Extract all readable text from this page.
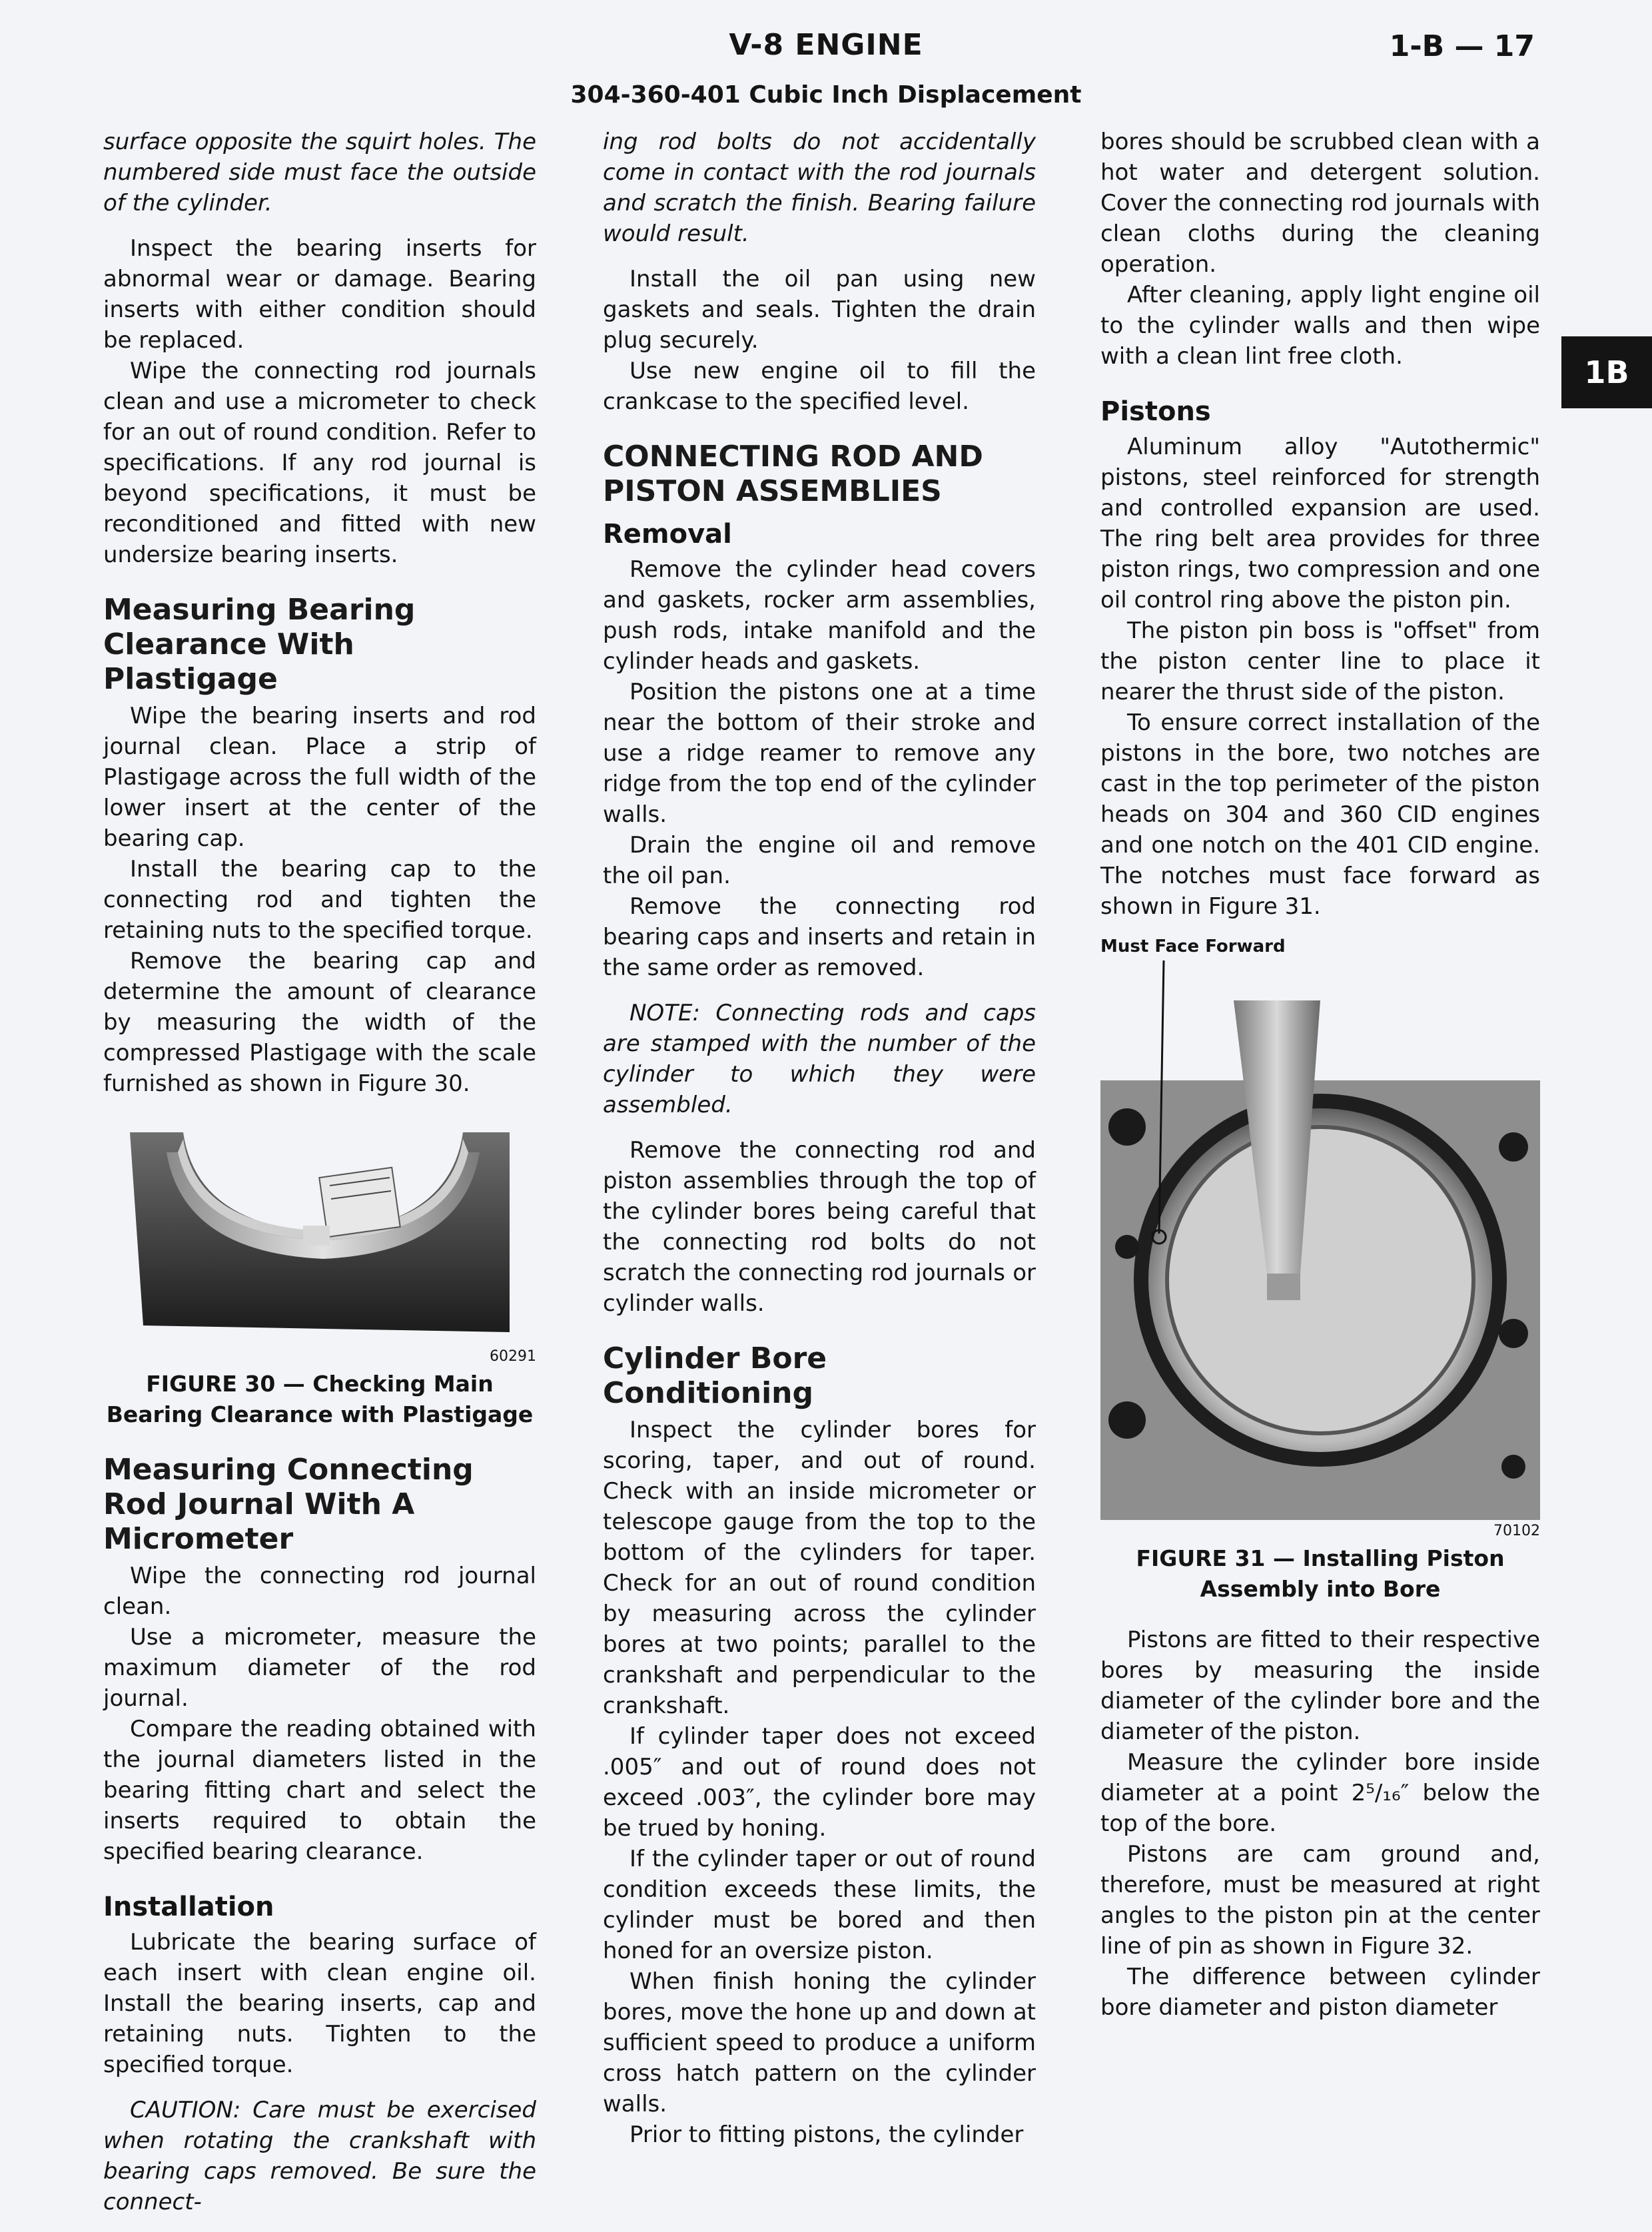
V-8 ENGINE
304-360-401 Cubic Inch Displacement
1-B — 17
1B

surface opposite the squirt holes. The numbered side must face the outside of the cylinder.

Inspect the bearing inserts for abnormal wear or damage. Bearing inserts with either condition should be replaced.

Wipe the connecting rod journals clean and use a micrometer to check for an out of round condition. Refer to specifications. If any rod journal is beyond specifications, it must be reconditioned and fitted with new undersize bearing inserts.

Measuring Bearing Clearance With Plastigage

Wipe the bearing inserts and rod journal clean. Place a strip of Plastigage across the full width of the lower insert at the center of the bearing cap.

Install the bearing cap to the connecting rod and tighten the retaining nuts to the specified torque.

Remove the bearing cap and determine the amount of clearance by measuring the width of the compressed Plastigage with the scale furnished as shown in Figure 30.

60291
FIGURE 30 — Checking Main Bearing Clearance with Plastigage
Measuring Connecting Rod Journal With A Micrometer

Wipe the connecting rod journal clean.

Use a micrometer, measure the maximum diameter of the rod journal.

Compare the reading obtained with the journal diameters listed in the bearing fitting chart and select the inserts required to obtain the specified bearing clearance.

Installation

Lubricate the bearing surface of each insert with clean engine oil. Install the bearing inserts, cap and retaining nuts. Tighten to the specified torque.

CAUTION: Care must be exercised when rotating the crankshaft with bearing caps removed. Be sure the connect-

ing rod bolts do not accidentally come in contact with the rod journals and scratch the finish. Bearing failure would result.

Install the oil pan using new gaskets and seals. Tighten the drain plug securely.

Use new engine oil to fill the crankcase to the specified level.

CONNECTING ROD AND PISTON ASSEMBLIES
Removal

Remove the cylinder head covers and gaskets, rocker arm assemblies, push rods, intake manifold and the cylinder heads and gaskets.

Position the pistons one at a time near the bottom of their stroke and use a ridge reamer to remove any ridge from the top end of the cylinder walls.

Drain the engine oil and remove the oil pan.

Remove the connecting rod bearing caps and inserts and retain in the same order as removed.

NOTE: Connecting rods and caps are stamped with the number of the cylinder to which they were assembled.

Remove the connecting rod and piston assemblies through the top of the cylinder bores being careful that the connecting rod bolts do not scratch the connecting rod journals or cylinder walls.

Cylinder Bore Conditioning

Inspect the cylinder bores for scoring, taper, and out of round. Check with an inside micrometer or telescope gauge from the top to the bottom of the cylinders for taper. Check for an out of round condition by measuring across the cylinder bores at two points; parallel to the crankshaft and perpendicular to the crankshaft.

If cylinder taper does not exceed .005″ and out of round does not exceed .003″, the cylinder bore may be trued by honing.

If the cylinder taper or out of round condition exceeds these limits, the cylinder must be bored and then honed for an oversize piston.

When finish honing the cylinder bores, move the hone up and down at sufficient speed to produce a uniform cross hatch pattern on the cylinder walls.

Prior to fitting pistons, the cylinder

bores should be scrubbed clean with a hot water and detergent solution. Cover the connecting rod journals with clean cloths during the cleaning operation.

After cleaning, apply light engine oil to the cylinder walls and then wipe with a clean lint free cloth.

Pistons

Aluminum alloy "Autothermic" pistons, steel reinforced for strength and controlled expansion are used. The ring belt area provides for three piston rings, two compression and one oil control ring above the piston pin.

The piston pin boss is "offset" from the piston center line to place it nearer the thrust side of the piston.

To ensure correct installation of the pistons in the bore, two notches are cast in the top perimeter of the piston heads on 304 and 360 CID engines and one notch on the 401 CID engine. The notches must face forward as shown in Figure 31.

Must Face Forward
70102
FIGURE 31 — Installing Piston Assembly into Bore

Pistons are fitted to their respective bores by measuring the inside diameter of the cylinder bore and the diameter of the piston.

Measure the cylinder bore inside diameter at a point 2⁵/₁₆″ below the top of the bore.

Pistons are cam ground and, therefore, must be measured at right angles to the piston pin at the center line of pin as shown in Figure 32.

The difference between cylinder bore diameter and piston diameter
